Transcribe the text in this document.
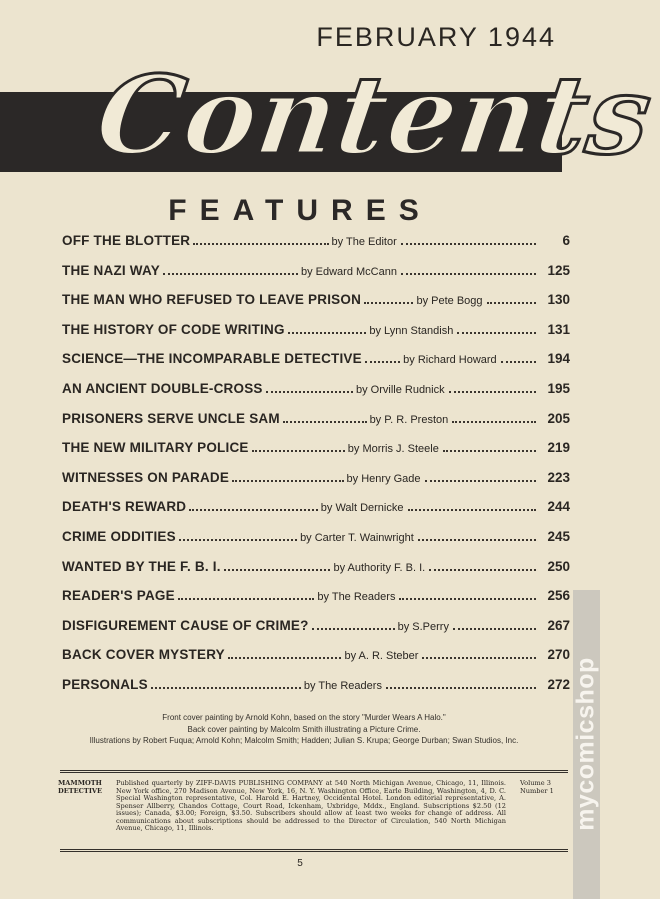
FEBRUARY 1944
Contents
FEATURES
OFF THE BLOTTER	by The Editor	6
THE NAZI WAY	by Edward McCann	125
THE MAN WHO REFUSED TO LEAVE PRISON	by Pete Bogg	130
THE HISTORY OF CODE WRITING	by Lynn Standish	131
SCIENCE—THE INCOMPARABLE DETECTIVE	by Richard Howard	194
AN ANCIENT DOUBLE-CROSS	by Orville Rudnick	195
PRISONERS SERVE UNCLE SAM	by P. R. Preston	205
THE NEW MILITARY POLICE	by Morris J. Steele	219
WITNESSES ON PARADE	by Henry Gade	223
DEATH'S REWARD	by Walt Dernicke	244
CRIME ODDITIES	by Carter T. Wainwright	245
WANTED BY THE F. B. I.	by Authority F. B. I.	250
READER'S PAGE	by The Readers	256
DISFIGUREMENT CAUSE OF CRIME?	by S.Perry	267
BACK COVER MYSTERY	by A. R. Steber	270
PERSONALS	by The Readers	272
Front cover painting by Arnold Kohn, based on the story "Murder Wears A Halo."
Back cover painting by Malcolm Smith illustrating a Picture Crime.
Illustrations by Robert Fuqua; Arnold Kohn; Malcolm Smith; Hadden; Julian S. Krupa; George Durban; Swan Studios, Inc.
MAMMOTH DETECTIVE
Published quarterly by ZIFF-DAVIS PUBLISHING COMPANY at 540 North Michigan Avenue, Chicago, 11, Illinois. New York office, 270 Madison Avenue, New York, 16, N. Y. Washington Office, Earle Building, Washington, 4, D. C. Special Washington representative, Col. Harold E. Hartney, Occidental Hotel. London editorial representative, A. Spenser Allberry, Chandos Cottage, Court Road, Ickenham, Uxbridge, Mddx., England. Subscriptions $2.50 (12 issues); Canada, $3.00; Foreign, $3.50. Subscribers should allow at least two weeks for change of address. All communications about subscriptions should be addressed to the Director of Circulation, 540 North Michigan Avenue, Chicago, 11, Illinois.
Volume 3
Number 1
5
mycomicshop
